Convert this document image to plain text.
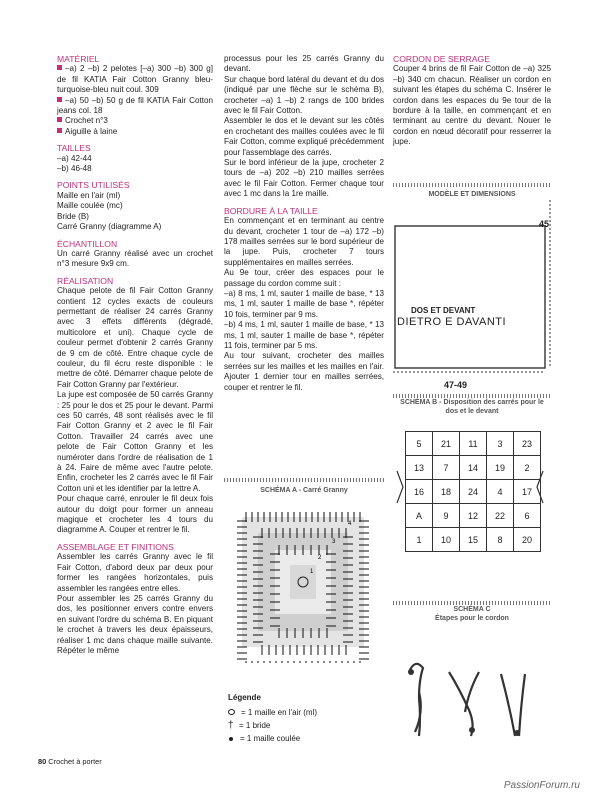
MATÉRIEL

–a) 2 –b) 2 pelotes [–a) 300 –b) 300 g] de fil KATIA Fair Cotton Granny bleu-turquoise-bleu nuit coul. 309

–a) 50 –b) 50 g de fil KATIA Fair Cotton jeans col. 18

Crochet n°3

Aiguille à laine

TAILLES

–a) 42-44

–b) 46-48

POINTS UTILISÉS

Maille en l'air (ml)

Maille coulée (mc)

Bride (B)

Carré Granny (diagramme A)

ÉCHANTILLON

Un carré Granny réalisé avec un crochet n°3 mesure 9x9 cm.

RÉALISATION

Chaque pelote de fil Fair Cotton Granny contient 12 cycles exacts de couleurs permettant de réaliser 24 carrés Granny avec 3 effets différents (dégradé, multicolore et uni). Chaque cycle de couleur permet d'obtenir 2 carrés Granny de 9 cm de côté. Entre chaque cycle de couleur, du fil écru reste disponible : le mettre de côté. Démarrer chaque pelote de Fair Cotton Granny par l'extérieur.

La jupe est composée de 50 carrés Granny : 25 pour le dos et 25 pour le devant. Parmi ces 50 carrés, 48 sont réalisés avec le fil Fair Cotton Granny et 2 avec le fil Fair Cotton. Travailler 24 carrés avec une pelote de Fair Cotton Granny et les numéroter dans l'ordre de réalisation de 1 à 24. Faire de même avec l'autre pelote. Enfin, crocheter les 2 carrés avec le fil Fair Cotton uni et les identifier par la lettre A.

Pour chaque carré, enrouler le fil deux fois autour du doigt pour former un anneau magique et crocheter les 4 tours du diagramme A. Couper et rentrer le fil.

ASSEMBLAGE ET FINITIONS

Assembler les carrés Granny avec le fil Fair Cotton, d'abord deux par deux pour former les rangées horizontales, puis assembler les rangées entre elles.

Pour assembler les 25 carrés Granny du dos, les positionner envers contre envers en suivant l'ordre du schéma B. En piquant le crochet à travers les deux épaisseurs, réaliser 1 mc dans chaque maille suivante. Répéter le même

processus pour les 25 carrés Granny du devant.

Sur chaque bord latéral du devant et du dos (indiqué par une flèche sur le schéma B), crocheter –a) 1 –b) 2 rangs de 100 brides avec le fil Fair Cotton.

Assembler le dos et le devant sur les côtés en crochetant des mailles coulées avec le fil Fair Cotton, comme expliqué précédemment pour l'assemblage des carrés.

Sur le bord inférieur de la jupe, crocheter 2 tours de –a) 202 –b) 210 mailles serrées avec le fil Fair Cotton. Fermer chaque tour avec 1 mc dans la 1re maille.

BORDURE À LA TAILLE

En commençant et en terminant au centre du devant, crocheter 1 tour de –a) 172 –b) 178 mailles serrées sur le bord supérieur de la jupe. Puis, crocheter 7 tours supplémentaires en mailles serrées.

Au 9e tour, créer des espaces pour le passage du cordon comme suit :

–a) 8 ms, 1 ml, sauter 1 maille de base, * 13 ms, 1 ml, sauter 1 maille de base *, répéter 10 fois, terminer par 9 ms.

–b) 4 ms, 1 ml, sauter 1 maille de base, * 13 ms, 1 ml, sauter 1 maille de base *, répéter 11 fois, terminer par 5 ms.

Au tour suivant, crocheter des mailles serrées sur les mailles et les mailles en l'air. Ajouter 1 dernier tour en mailles serrées, couper et rentrer le fil.

CORDON DE SERRAGE

Couper 4 brins de fil Fair Cotton de –a) 325 –b) 340 cm chacun. Réaliser un cordon en suivant les étapes du schéma C. Insérer le cordon dans les espaces du 9e tour de la bordure à la taille, en commençant et en terminant au centre du devant. Nouer le cordon en nœud décoratif pour resserrer la jupe.

MODÈLE ET DIMENSIONS
45
DOS ET DEVANT
DIETRO E DAVANTI
47-49
SCHÉMA B - Disposition des carrés pour le dos et le devant
5	21	11	3	23
13	7	14	19	2
16	18	24	4	17
A	9	12	22	6
1	10	15	8	20
SCHÉMA C
Étapes pour le cordon
SCHÉMA A - Carré Granny
4
3
2
1
Légende
= 1 maille en l'air (ml)
† = 1 bride
= 1 maille coulée
80 Crochet à porter
PassionForum.ru
